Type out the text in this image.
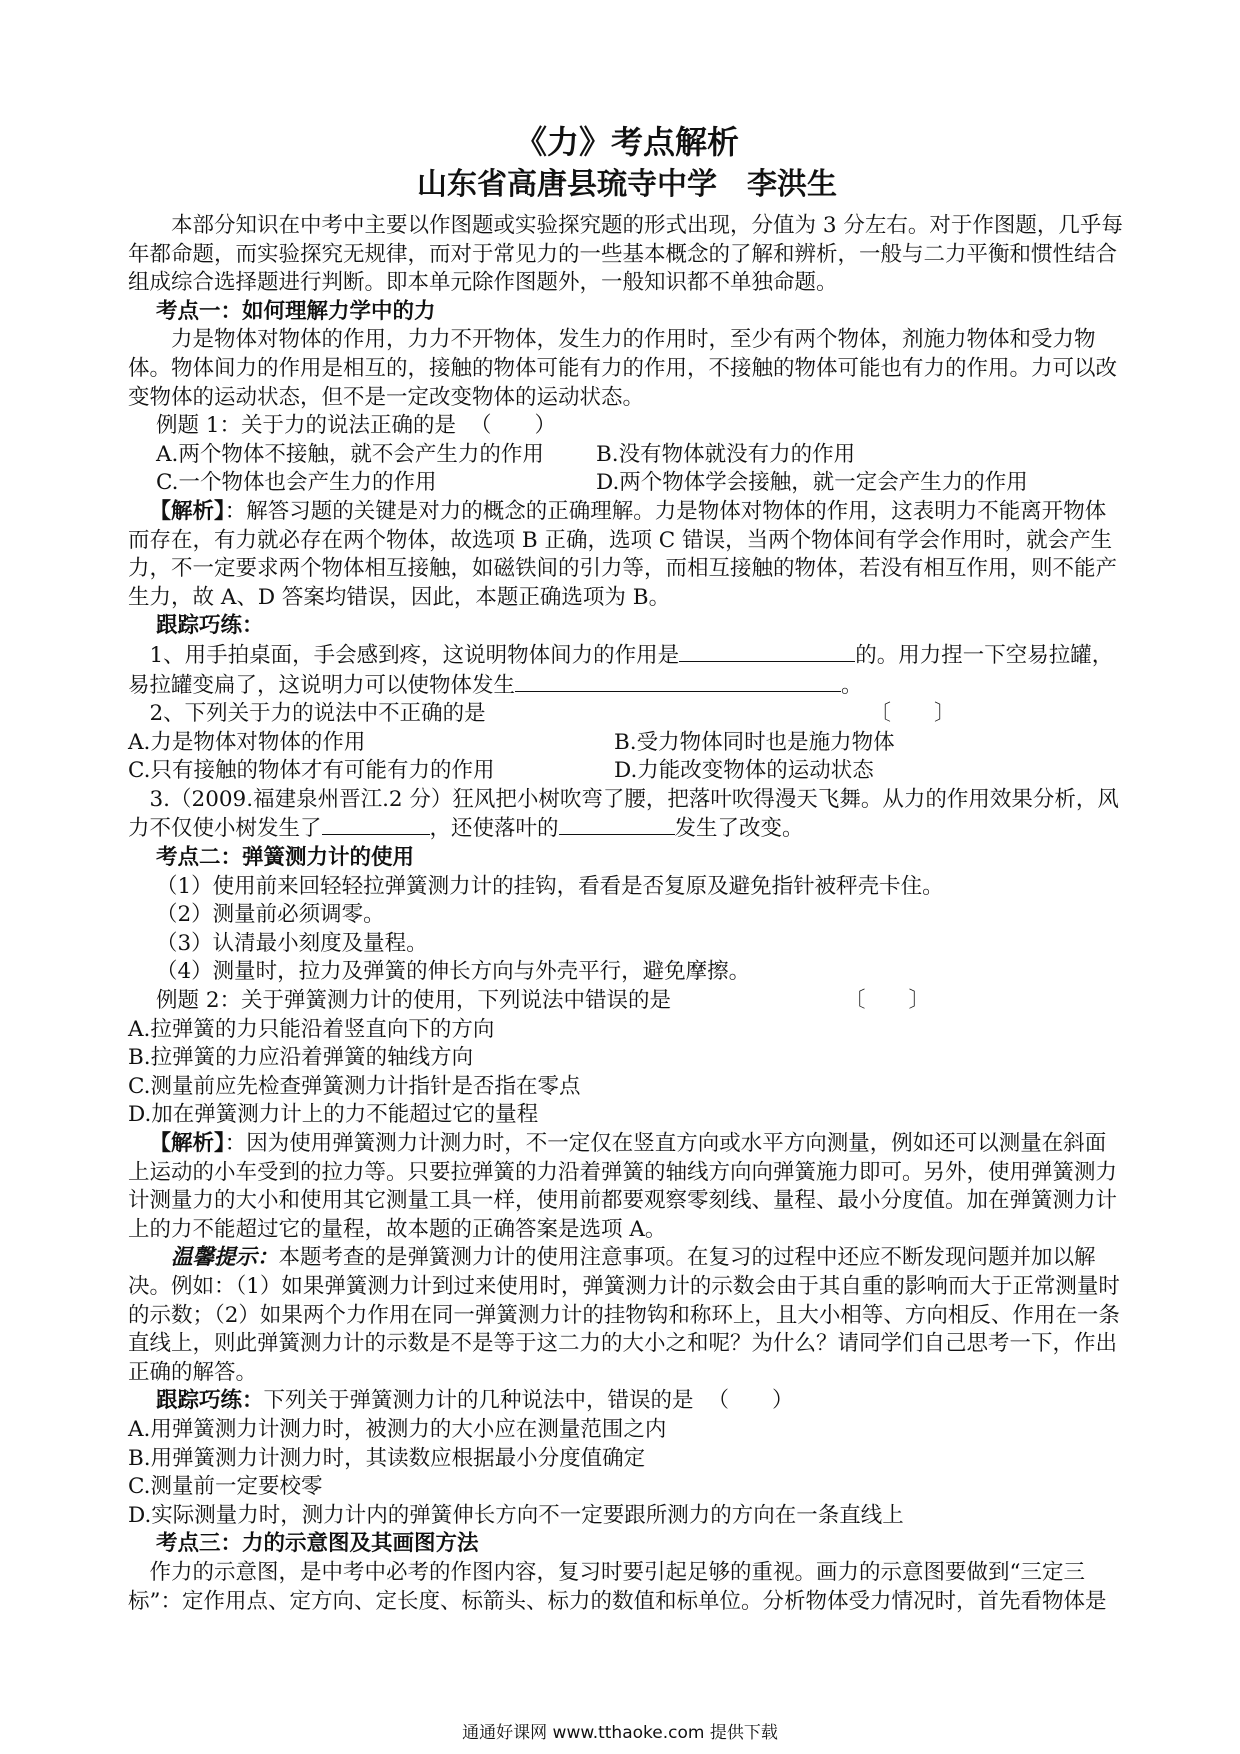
《力》考点解析
山东省高唐县琉寺中学　李洪生

本部分知识在中考中主要以作图题或实验探究题的形式出现，分值为 3 分左右。对于作图题，几乎每年都命题，而实验探究无规律，而对于常见力的一些基本概念的了解和辨析，一般与二力平衡和惯性结合组成综合选择题进行判断。即本单元除作图题外，一般知识都不单独命题。

考点一：如何理解力学中的力

力是物体对物体的作用，力力不开物体，发生力的作用时，至少有两个物体，剂施力物体和受力物体。物体间力的作用是相互的，接触的物体可能有力的作用，不接触的物体可能也有力的作用。力可以改变物体的运动状态，但不是一定改变物体的运动状态。

例题 1：关于力的说法正确的是 （　　）

A.两个物体不接触，就不会产生力的作用	B.没有物体就没有力的作用
C.一个物体也会产生力的作用	D.两个物体学会接触，就一定会产生力的作用

【解析】：解答习题的关键是对力的概念的正确理解。力是物体对物体的作用，这表明力不能离开物体而存在，有力就必存在两个物体，故选项 B 正确，选项 C 错误，当两个物体间有学会作用时，就会产生力，不一定要求两个物体相互接触，如磁铁间的引力等，而相互接触的物体，若没有相互作用，则不能产生力，故 A、D 答案均错误，因此，本题正确选项为 B。

跟踪巧练：

1、用手拍桌面，手会感到疼，这说明物体间力的作用是	的。用力捏一下空易拉罐，易拉罐变扁了，这说明力可以使物体发生	。

2、下列关于力的说法中不正确的是	〔　　〕

A.力是物体对物体的作用	B.受力物体同时也是施力物体
C.只有接触的物体才有可能有力的作用	D.力能改变物体的运动状态

3.（2009.福建泉州晋江.2 分）狂风把小树吹弯了腰，把落叶吹得漫天飞舞。从力的作用效果分析，风力不仅使小树发生了	，还使落叶的	发生了改变。

考点二：弹簧测力计的使用

（1）使用前来回轻轻拉弹簧测力计的挂钩，看看是否复原及避免指针被秤壳卡住。

（2）测量前必须调零。

（3）认清最小刻度及量程。

（4）测量时，拉力及弹簧的伸长方向与外壳平行，避免摩擦。

例题 2：关于弹簧测力计的使用，下列说法中错误的是	〔　　〕

A.拉弹簧的力只能沿着竖直向下的方向

B.拉弹簧的力应沿着弹簧的轴线方向

C.测量前应先检查弹簧测力计指针是否指在零点

D.加在弹簧测力计上的力不能超过它的量程

【解析】：因为使用弹簧测力计测力时，不一定仅在竖直方向或水平方向测量，例如还可以测量在斜面上运动的小车受到的拉力等。只要拉弹簧的力沿着弹簧的轴线方向向弹簧施力即可。另外，使用弹簧测力计测量力的大小和使用其它测量工具一样，使用前都要观察零刻线、量程、最小分度值。加在弹簧测力计上的力不能超过它的量程，故本题的正确答案是选项 A。

温馨提示：本题考查的是弹簧测力计的使用注意事项。在复习的过程中还应不断发现问题并加以解决。例如：（1）如果弹簧测力计到过来使用时，弹簧测力计的示数会由于其自重的影响而大于正常测量时的示数；（2）如果两个力作用在同一弹簧测力计的挂物钩和称环上，且大小相等、方向相反、作用在一条直线上，则此弹簧测力计的示数是不是等于这二力的大小之和呢？为什么？请同学们自己思考一下，作出正确的解答。

跟踪巧练：下列关于弹簧测力计的几种说法中，错误的是 （　　）

A.用弹簧测力计测力时，被测力的大小应在测量范围之内

B.用弹簧测力计测力时，其读数应根据最小分度值确定

C.测量前一定要校零

D.实际测量力时，测力计内的弹簧伸长方向不一定要跟所测力的方向在一条直线上

考点三：力的示意图及其画图方法

作力的示意图，是中考中必考的作图内容，复习时要引起足够的重视。画力的示意图要做到“三定三标”：定作用点、定方向、定长度、标箭头、标力的数值和标单位。分析物体受力情况时，首先看物体是

通通好课网 www.tthaoke.com 提供下载
